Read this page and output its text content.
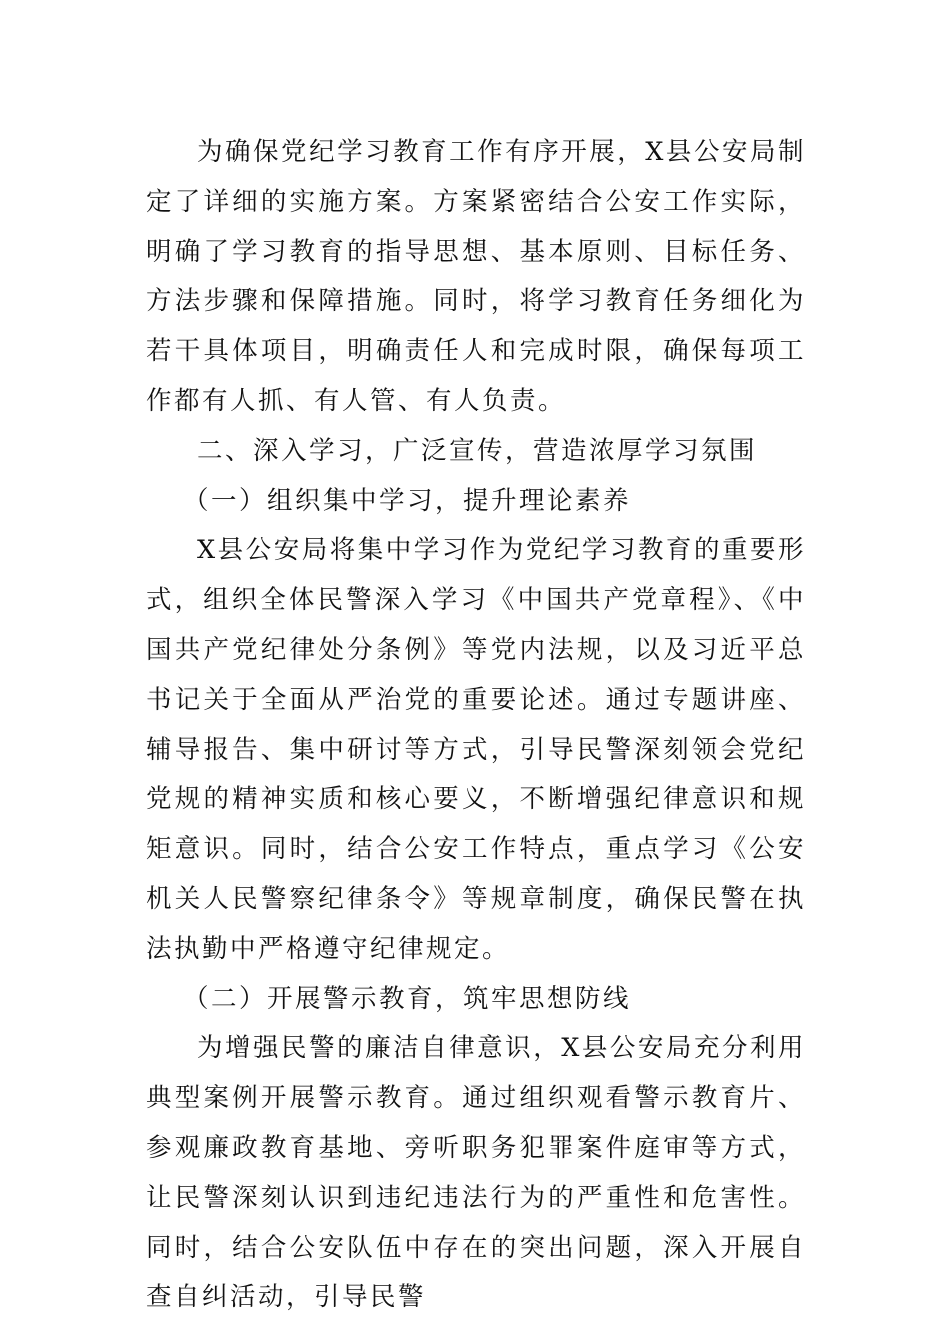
为确保党纪学习教育工作有序开展，X县公安局制定了详细的实施方案。方案紧密结合公安工作实际，明确了学习教育的指导思想、基本原则、目标任务、方法步骤和保障措施。同时，将学习教育任务细化为若干具体项目，明确责任人和完成时限，确保每项工作都有人抓、有人管、有人负责。

二、深入学习，广泛宣传，营造浓厚学习氛围

（一）组织集中学习，提升理论素养

X县公安局将集中学习作为党纪学习教育的重要形式，组织全体民警深入学习《中国共产党章程》、《中国共产党纪律处分条例》等党内法规，以及习近平总书记关于全面从严治党的重要论述。通过专题讲座、辅导报告、集中研讨等方式，引导民警深刻领会党纪党规的精神实质和核心要义，不断增强纪律意识和规矩意识。同时，结合公安工作特点，重点学习《公安机关人民警察纪律条令》等规章制度，确保民警在执法执勤中严格遵守纪律规定。

（二）开展警示教育，筑牢思想防线

为增强民警的廉洁自律意识，X县公安局充分利用典型案例开展警示教育。通过组织观看警示教育片、参观廉政教育基地、旁听职务犯罪案件庭审等方式，让民警深刻认识到违纪违法行为的严重性和危害性。同时，结合公安队伍中存在的突出问题，深入开展自查自纠活动，引导民警
